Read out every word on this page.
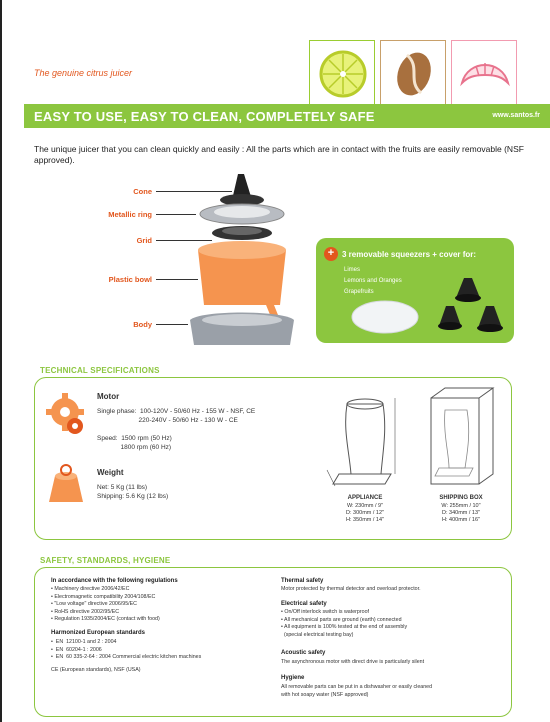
The genuine citrus juicer
EASY TO USE, EASY TO CLEAN, COMPLETELY SAFE	www.santos.fr
The unique juicer that you can clean quickly and easily : All the parts which are in contact with the fruits are easily removable (NSF approved).
Cone
Metallic ring
Grid
Plastic bowl
Body
+ 3 removable squeezers + cover for:
Limes
Lemons and Oranges
Grapefruits
TECHNICAL SPECIFICATIONS
Motor
Single phase:  100-120V - 50/60 Hz - 155 W - NSF, CE
220-240V - 50/60 Hz - 130 W - CE

Speed:  1500 rpm (50 Hz)
1800 rpm (60 Hz)
Weight
Net: 5 Kg (11 lbs)
Shipping: 5.6 Kg (12 lbs)	APPLIANCE
W: 230mm / 9"
D: 300mm / 12"
H: 350mm / 14"
SHIPPING BOX
W: 255mm / 10"
D: 340mm / 13"
H: 400mm / 16"
SAFETY, STANDARDS, HYGIENE
In accordance with the following regulations
• Machinery directive 2006/42/EC
• Electromagnetic compatibility 2004/108/EC
• "Low voltage" directive 2006/95/EC
• RoHS directive 2002/95/EC
• Regulation 1935/2004/EC (contact with food)
Harmonized European standards
•  EN  12100-1 and 2 : 2004
•  EN  60204-1 : 2006
•  EN  60 335-2-64 : 2004 Commercial electric kitchen machines
CE (European standards), NSF (USA)
Thermal safety
Motor protected by thermal detector and overload protector.
Electrical safety
• On/Off interlock switch is waterproof
• All mechanical parts are ground (earth) connected
• All equipment is 100% tested at the end of assembly
(special electrical testing bay)
Acoustic safety
The asynchronous motor with direct drive is particularly silent
Hygiene
All removable parts can be put in a dishwasher or easily cleaned
with hot soapy water (NSF approved)
